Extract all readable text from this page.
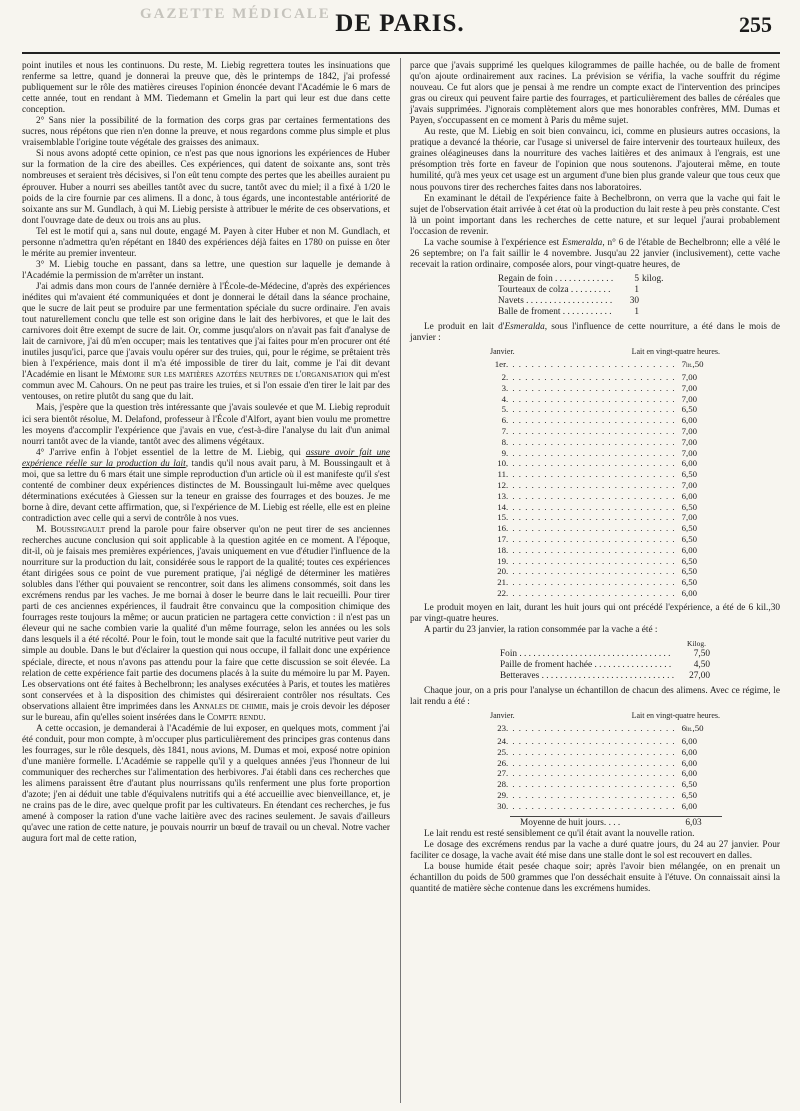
GAZETTE MÉDICALE DE PARIS.	255

point inutiles et nous les continuons. Du reste, M. Liebig regrettera toutes les insinuations que renferme sa lettre, quand je donnerai la preuve que, dès le printemps de 1842, j'ai professé publiquement sur le rôle des matières cireuses l'opinion énoncée devant l'Académie le 6 mars de cette année, tout en rendant à MM. Tiedemann et Gmelin la part qui leur est due dans cette conception.

2° Sans nier la possibilité de la formation des corps gras par certaines fermentations des sucres, nous répétons que rien n'en donne la preuve, et nous regardons comme plus simple et plus vraisemblable l'origine toute végétale des graisses des animaux.

Si nous avons adopté cette opinion, ce n'est pas que nous ignorions les expériences de Huber sur la formation de la cire des abeilles. Ces expériences, qui datent de soixante ans, sont très nombreuses et seraient très décisives, si l'on eût tenu compte des pertes que les abeilles auraient pu éprouver. Huber a nourri ses abeilles tantôt avec du sucre, tantôt avec du miel; il a fixé à 1/20 le poids de la cire fournie par ces alimens. Il a donc, à tous égards, une incontestable antériorité de soixante ans sur M. Gundlach, à qui M. Liebig persiste à attribuer le mérite de ces observations, et dont l'ouvrage date de deux ou trois ans au plus.

Tel est le motif qui a, sans nul doute, engagé M. Payen à citer Huber et non M. Gundlach, et personne n'admettra qu'en répétant en 1840 des expériences déjà faites en 1780 on puisse en ôter le mérite au premier inventeur.

3° M. Liebig touche en passant, dans sa lettre, une question sur laquelle je demande à l'Académie la permission de m'arrêter un instant.

J'ai admis dans mon cours de l'année dernière à l'École-de-Médecine, d'après des expériences inédites qui m'avaient été communiquées et dont je donnerai le détail dans la séance prochaine, que le sucre de lait peut se produire par une fermentation spéciale du sucre ordinaire. J'en avais tout naturellement conclu que telle est son origine dans le lait des herbivores, et que le lait des carnivores doit être exempt de sucre de lait. Or, comme jusqu'alors on n'avait pas fait d'analyse de lait de carnivore, j'ai dû m'en occuper; mais les tentatives que j'ai faites pour m'en procurer ont été inutiles jusqu'ici, parce que j'avais voulu opérer sur des truies, qui, pour le régime, se prêtaient très bien à l'expérience, mais dont il m'a été impossible de tirer du lait, comme je l'ai dit devant l'Académie en lisant le Mémoire sur les matières azotées neutres de l'organisation qui m'est commun avec M. Cahours. On ne peut pas traire les truies, et si l'on essaie d'en tirer le lait par des ventouses, on retire plutôt du sang que du lait.

Mais, j'espère que la question très intéressante que j'avais soulevée et que M. Liebig reproduit ici sera bientôt résolue, M. Delafond, professeur à l'École d'Alfort, ayant bien voulu me promettre les moyens d'accomplir l'expérience que j'avais en vue, c'est-à-dire l'analyse du lait d'un animal nourri tantôt avec de la viande, tantôt avec des alimens végétaux.

4° J'arrive enfin à l'objet essentiel de la lettre de M. Liebig, qui assure avoir fait une expérience réelle sur la production du lait, tandis qu'il nous avait paru, à M. Boussingault et à moi, que sa lettre du 6 mars était une simple reproduction d'un article où il est manifeste qu'il s'est contenté de combiner deux expériences distinctes de M. Boussingault lui-même avec quelques déterminations exécutées à Giessen sur la teneur en graisse des fourrages et des bouzes. Je me borne à dire, devant cette affirmation, que, si l'expérience de M. Liebig est réelle, elle est en pleine contradiction avec celle qui a servi de contrôle à nos vues.

M. Boussingault prend la parole pour faire observer qu'on ne peut tirer de ses anciennes recherches aucune conclusion qui soit applicable à la question agitée en ce moment. A l'époque, dit-il, où je faisais mes premières expériences, j'avais uniquement en vue d'étudier l'influence de la nourriture sur la production du lait, considérée sous le rapport de la qualité; toutes ces expériences étant dirigées sous ce point de vue purement pratique, j'ai négligé de déterminer les matières solubles dans l'éther qui pouvaient se rencontrer, soit dans les alimens consommés, soit dans les excrémens rendus par les vaches. Je me bornai à doser le beurre dans le lait recueilli. Pour tirer parti de ces anciennes expériences, il faudrait être convaincu que la composition chimique des fourrages reste toujours la même; or aucun praticien ne partagera cette conviction : il n'est pas un éleveur qui ne sache combien varie la qualité d'un même fourrage, selon les années ou les sols dans lesquels il a été récolté. Pour le foin, tout le monde sait que la faculté nutritive peut varier du simple au double. Dans le but d'éclairer la question qui nous occupe, il fallait donc une expérience spéciale, directe, et nous n'avons pas attendu pour la faire que cette discussion se soit élevée. La relation de cette expérience fait partie des documens placés à la suite du mémoire lu par M. Payen. Les observations ont été faites à Bechelbronn; les analyses exécutées à Paris, et toutes les matières sont conservées et à la disposition des chimistes qui désireraient contrôler nos résultats. Ces observations allaient être imprimées dans les Annales de chimie, mais je crois devoir les déposer sur le bureau, afin qu'elles soient insérées dans le Compte rendu.

A cette occasion, je demanderai à l'Académie de lui exposer, en quelques mots, comment j'ai été conduit, pour mon compte, à m'occuper plus particulièrement des principes gras contenus dans les fourrages, sur le rôle desquels, dès 1841, nous avions, M. Dumas et moi, exposé notre opinion d'une manière formelle. L'Académie se rappelle qu'il y a quelques années j'eus l'honneur de lui communiquer des recherches sur l'alimentation des herbivores. J'ai établi dans ces recherches que les alimens paraissent être d'autant plus nourrissans qu'ils renferment une plus forte proportion d'azote; j'en ai déduit une table d'équivalens nutritifs qui a été accueillie avec bienveillance, et, je ne crains pas de le dire, avec quelque profit par les cultivateurs. En étendant ces recherches, je fus amené à composer la ration d'une vache laitière avec des racines seulement. Je savais d'ailleurs qu'avec une ration de cette nature, je pouvais nourrir un bœuf de travail ou un cheval. Notre vacher augura fort mal de cette ration,

parce que j'avais supprimé les quelques kilogrammes de paille hachée, ou de balle de froment qu'on ajoute ordinairement aux racines. La prévision se vérifia, la vache souffrit du régime nouveau. Ce fut alors que je pensai à me rendre un compte exact de l'intervention des principes gras ou cireux qui peuvent faire partie des fourrages, et particulièrement des balles de céréales que j'avais supprimées. J'ignorais complètement alors que mes honorables confrères, MM. Dumas et Payen, s'occupassent en ce moment à Paris du même sujet.

Au reste, que M. Liebig en soit bien convaincu, ici, comme en plusieurs autres occasions, la pratique a devancé la théorie, car l'usage si universel de faire intervenir des tourteaux huileux, des graines oléagineuses dans la nourriture des vaches laitières et des animaux à l'engrais, est une présomption très forte en faveur de l'opinion que nous soutenons. J'ajouterai même, en toute humilité, qu'à mes yeux cet usage est un argument d'une bien plus grande valeur que tous ceux que nous pouvons tirer des recherches faites dans nos laboratoires.

En examinant le détail de l'expérience faite à Bechelbronn, on verra que la vache qui fait le sujet de l'observation était arrivée à cet état où la production du lait reste à peu près constante. C'est là un point important dans les recherches de cette nature, et sur lequel j'aurai probablement l'occasion de revenir.

La vache soumise à l'expérience est Esmeralda, n° 6 de l'étable de Bechelbronn; elle a vêlé le 26 septembre; on l'a fait saillir le 4 novembre. Jusqu'au 22 janvier (inclusivement), cette vache recevait la ration ordinaire, composée alors, pour vingt-quatre heures, de

Regain de foin . . .	5 kilog.
Tourteaux de colza . . .	1
Navets . . .	30
Balle de froment . . .	1

Le produit en lait d'Esmeralda, sous l'influence de cette nourriture, a été dans le mois de janvier :

Janvier.	Lait en vingt-quatre heures.
1er . . .	7 lit.,50
2 . . .	7 ,00
3 . . .	7 ,00
4 . . .	7 ,00
5 . . .	6 ,50
6 . . .	6 ,00
7 . . .	7 ,00
8 . . .	7 ,00
9 . . .	7 ,00
10 . . .	6 ,00
11 . . .	6 ,50
12 . . .	7 ,00
13 . . .	6 ,00
14 . . .	6 ,50
15 . . .	7 ,00
16 . . .	6 ,50
17 . . .	6 ,50
18 . . .	6 ,00
19 . . .	6 ,50
20 . . .	6 ,50
21 . . .	6 ,50
22 . . .	6 ,00

Le produit moyen en lait, durant les huit jours qui ont précédé l'expérience, a été de 6 kil.,30 par vingt-quatre heures.

A partir du 23 janvier, la ration consommée par la vache a été :

Kilog.
Foin . . .	7,50
Paille de froment hachée . . .	4,50
Betteraves . . .	27,00

Chaque jour, on a pris pour l'analyse un échantillon de chacun des alimens. Avec ce régime, le lait rendu a été :

Janvier.	Lait en vingt-quatre heures.
23 . . .	6 lit.,50
24 . . .	6 ,00
25 . . .	6 ,00
26 . . .	6 ,00
27 . . .	6 ,00
28 . . .	6 ,50
29 . . .	6 ,50
30 . . .	6 ,00
Moyenne de huit jours. . . .	6 ,03

Le lait rendu est resté sensiblement ce qu'il était avant la nouvelle ration.

Le dosage des excrémens rendus par la vache a duré quatre jours, du 24 au 27 janvier. Pour faciliter ce dosage, la vache avait été mise dans une stalle dont le sol est recouvert en dalles.

La bouse humide était pesée chaque soir; après l'avoir bien mélangée, on en prenait un échantillon du poids de 500 grammes que l'on desséchait ensuite à l'étuve. On connaissait ainsi la quantité de matière sèche contenue dans les excrémens humides.
